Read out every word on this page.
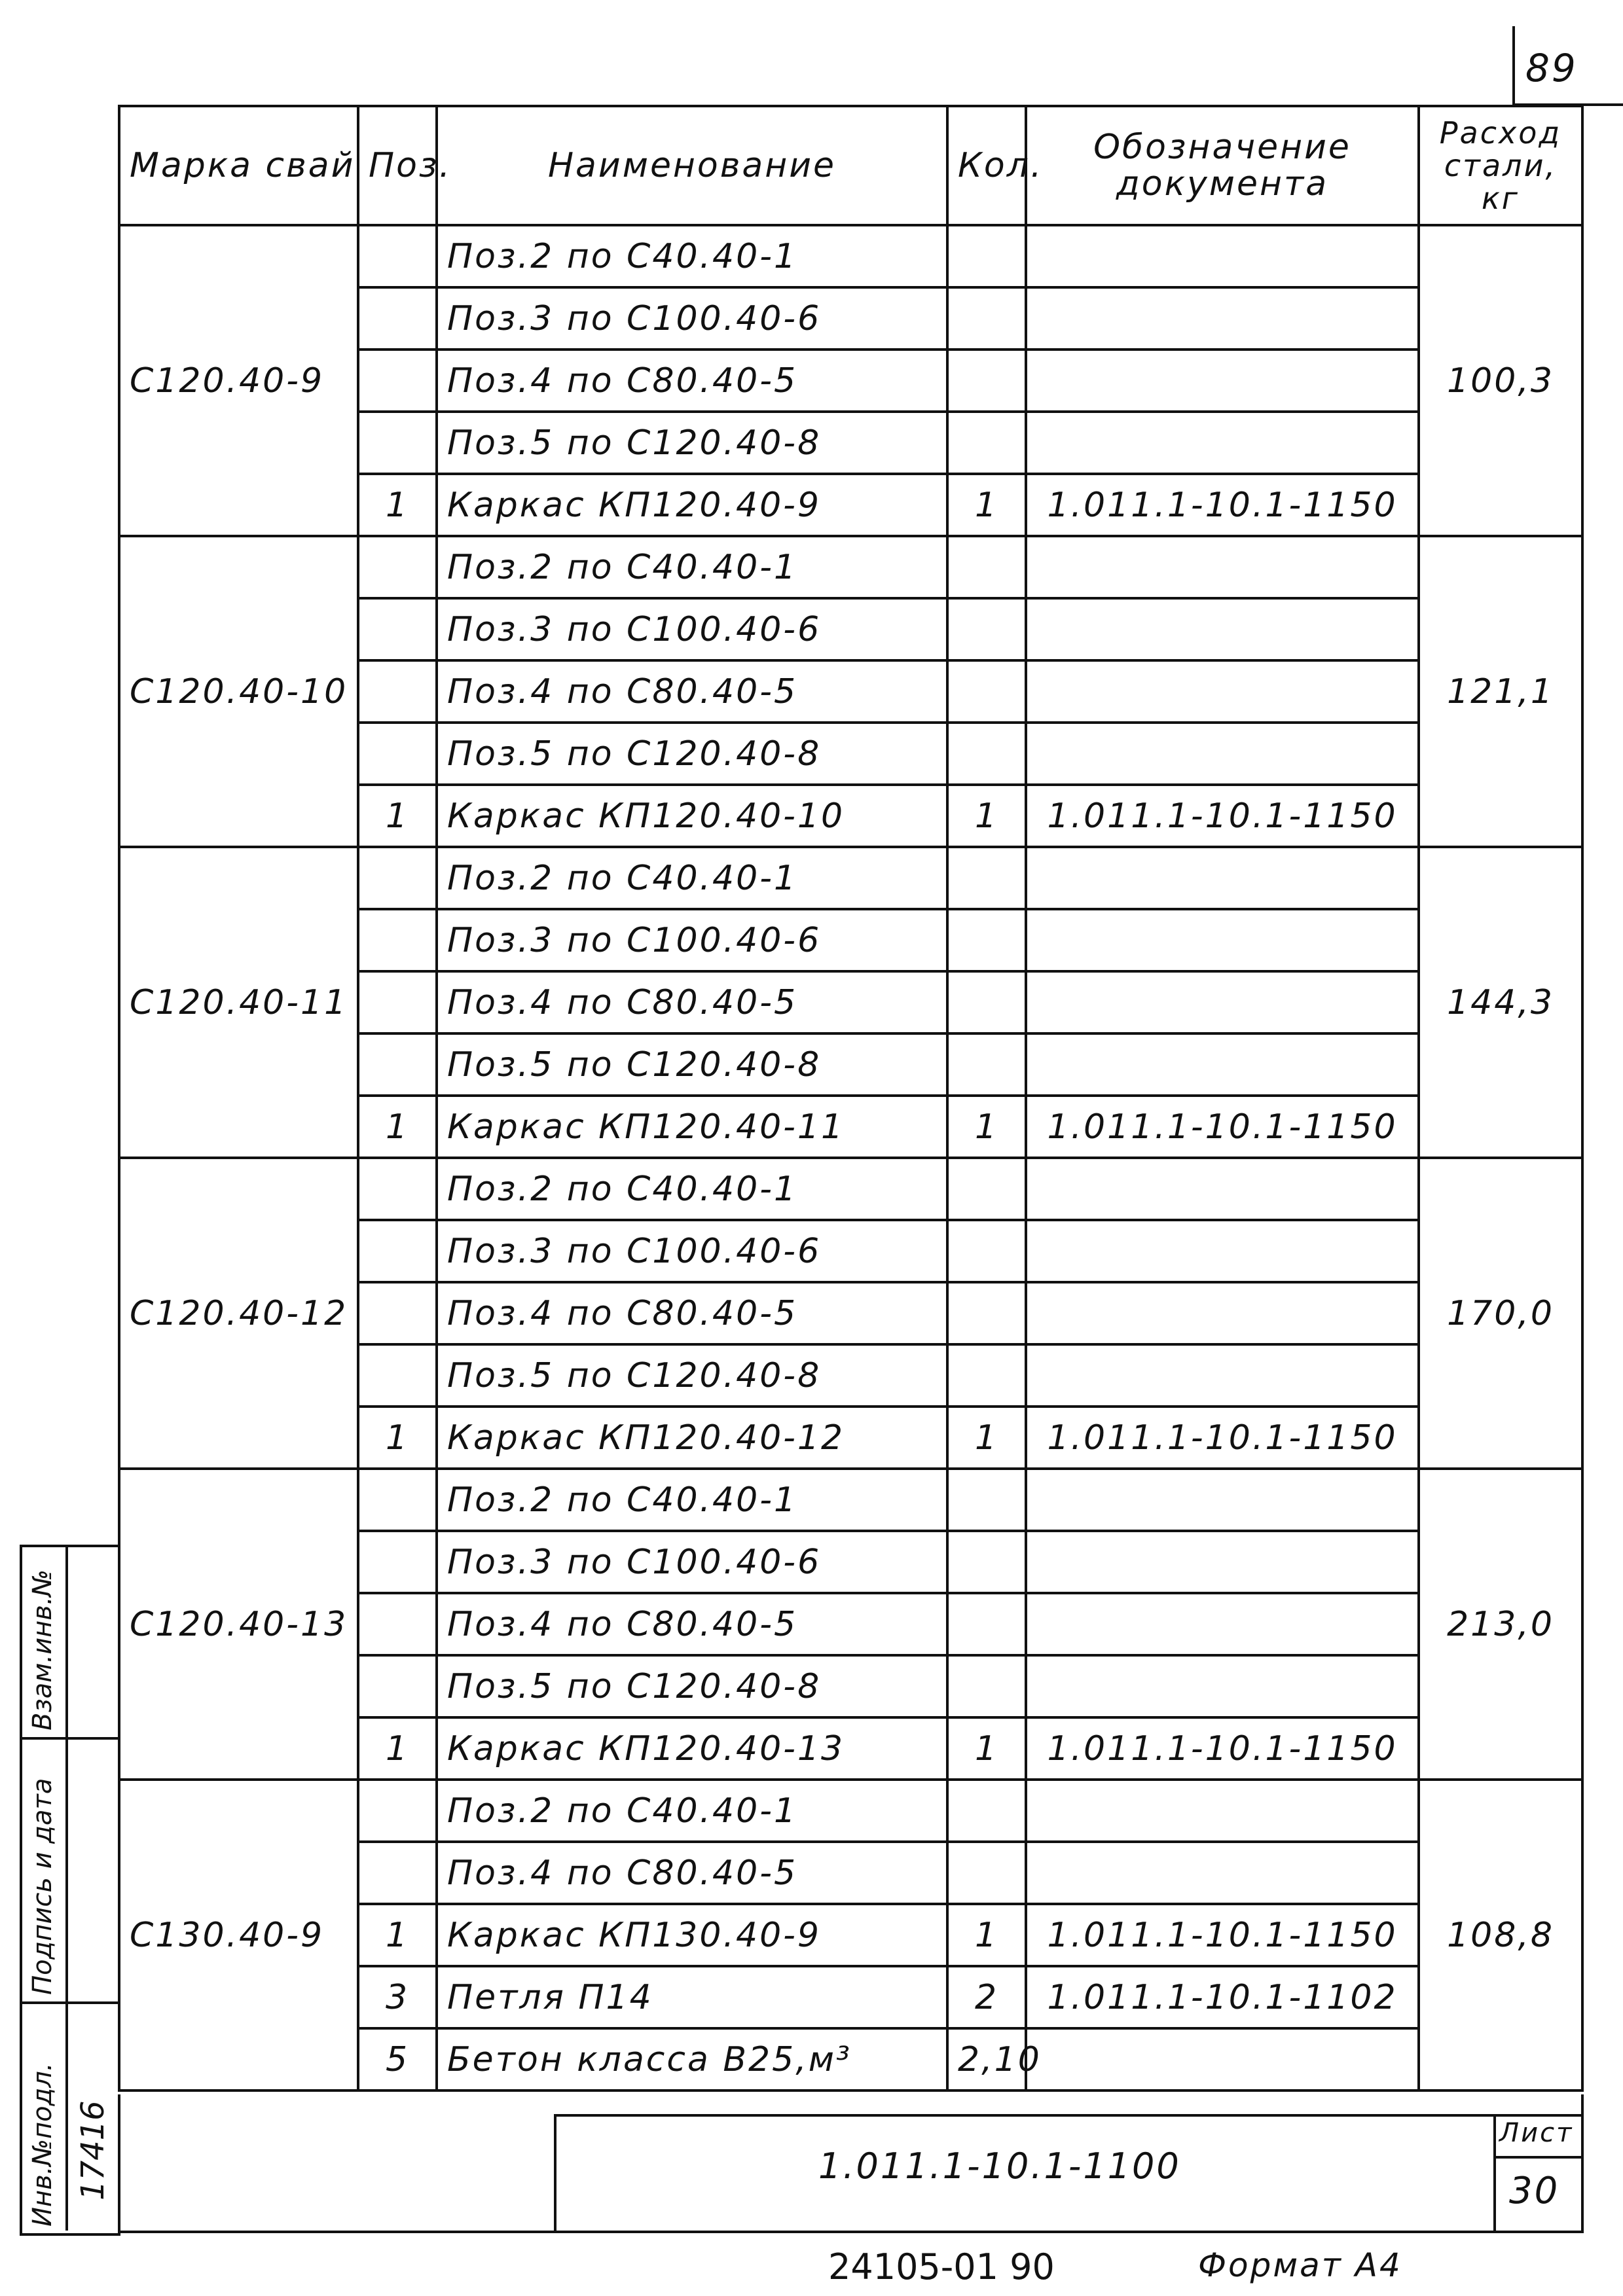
89
Марка свай	Поз.	Наименование	Кол.	Обозначение документа	Расход стали, кг
С120.40-9		Поз.2 по С40.40-1			100,3
		Поз.3 по С100.40-6			
		Поз.4 по С80.40-5			
		Поз.5 по С120.40-8			
	1	Каркас КП120.40-9	1	1.011.1-10.1-1150	
С120.40-10		Поз.2 по С40.40-1			121,1
		Поз.3 по С100.40-6			
		Поз.4 по С80.40-5			
		Поз.5 по С120.40-8			
	1	Каркас КП120.40-10	1	1.011.1-10.1-1150	
С120.40-11		Поз.2 по С40.40-1			144,3
		Поз.3 по С100.40-6			
		Поз.4 по С80.40-5			
		Поз.5 по С120.40-8			
	1	Каркас КП120.40-11	1	1.011.1-10.1-1150	
С120.40-12		Поз.2 по С40.40-1			170,0
		Поз.3 по С100.40-6			
		Поз.4 по С80.40-5			
		Поз.5 по С120.40-8			
	1	Каркас КП120.40-12	1	1.011.1-10.1-1150	
С120.40-13		Поз.2 по С40.40-1			213,0
		Поз.3 по С100.40-6			
		Поз.4 по С80.40-5			
		Поз.5 по С120.40-8			
	1	Каркас КП120.40-13	1	1.011.1-10.1-1150	
С130.40-9		Поз.2 по С40.40-1			108,8
		Поз.4 по С80.40-5			
	1	Каркас КП130.40-9	1	1.011.1-10.1-1150	
	3	Петля П14	2	1.011.1-10.1-1102	
	5	Бетон класса В25,м³	2,10		
1.011.1-10.1-1100
Лист
30
24105-01 90	Формат А4
Взам.инв.№
Подпись и дата
Инв.№подл. 17416
